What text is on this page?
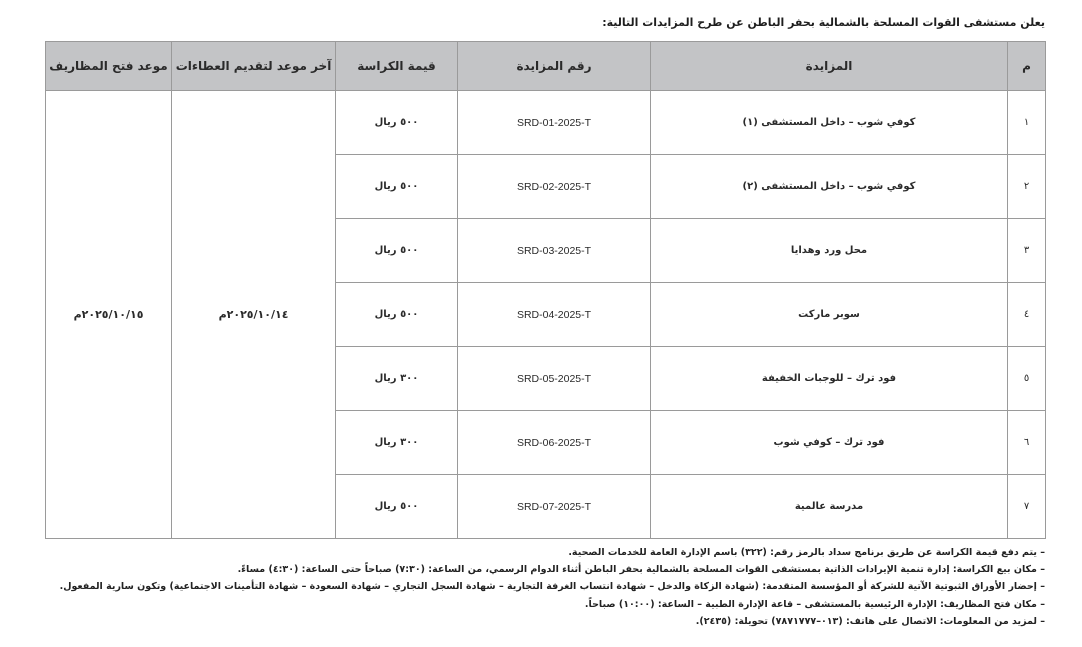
يعلن مستشفى القوات المسلحة بالشمالية بحفر الباطن عن طرح المزايدات التالية:
م	المزايدة	رقم المزايدة	قيمة الكراسة	آخر موعد لتقديم العطاءات	موعد فتح المظاريف
١	كوفي شوب – داخل المستشفى (١)	SRD-01-2025-T	٥٠٠ ريال	٢٠٢٥/١٠/١٤م	٢٠٢٥/١٠/١٥م
٢	كوفي شوب – داخل المستشفى (٢)	SRD-02-2025-T	٥٠٠ ريال		
٣	محل ورد وهدايا	SRD-03-2025-T	٥٠٠ ريال		
٤	سوبر ماركت	SRD-04-2025-T	٥٠٠ ريال		
٥	فود ترك – للوجبات الخفيفة	SRD-05-2025-T	٣٠٠ ريال		
٦	فود ترك – كوفي شوب	SRD-06-2025-T	٣٠٠ ريال		
٧	مدرسة عالمية	SRD-07-2025-T	٥٠٠ ريال		
– يتم دفع قيمة الكراسة عن طريق برنامج سداد بالرمز رقم: (٣٢٢) باسم الإدارة العامة للخدمات الصحية.
– مكان بيع الكراسة: إدارة تنمية الإيرادات الذاتية بمستشفى القوات المسلحة بالشمالية بحفر الباطن أثناء الدوام الرسمي، من الساعة: (٧:٣٠) صباحاً حتى الساعة: (٤:٣٠) مساءً.
– إحضار الأوراق الثبوتية الآتية للشركة أو المؤسسة المتقدمة: (شهادة الزكاة والدخل – شهادة انتساب الغرفة التجارية – شهادة السجل التجاري – شهادة السعودة – شهادة التأمينات الاجتماعية) وتكون سارية المفعول.
– مكان فتح المظاريف: الإدارة الرئيسية بالمستشفى – قاعة الإدارة الطبية – الساعة: (١٠:٠٠) صباحاً.
– لمزيد من المعلومات: الاتصال على هاتف: (٠١٣–٧٨٧١٧٧٧) تحويلة: (٢٤٣٥).
